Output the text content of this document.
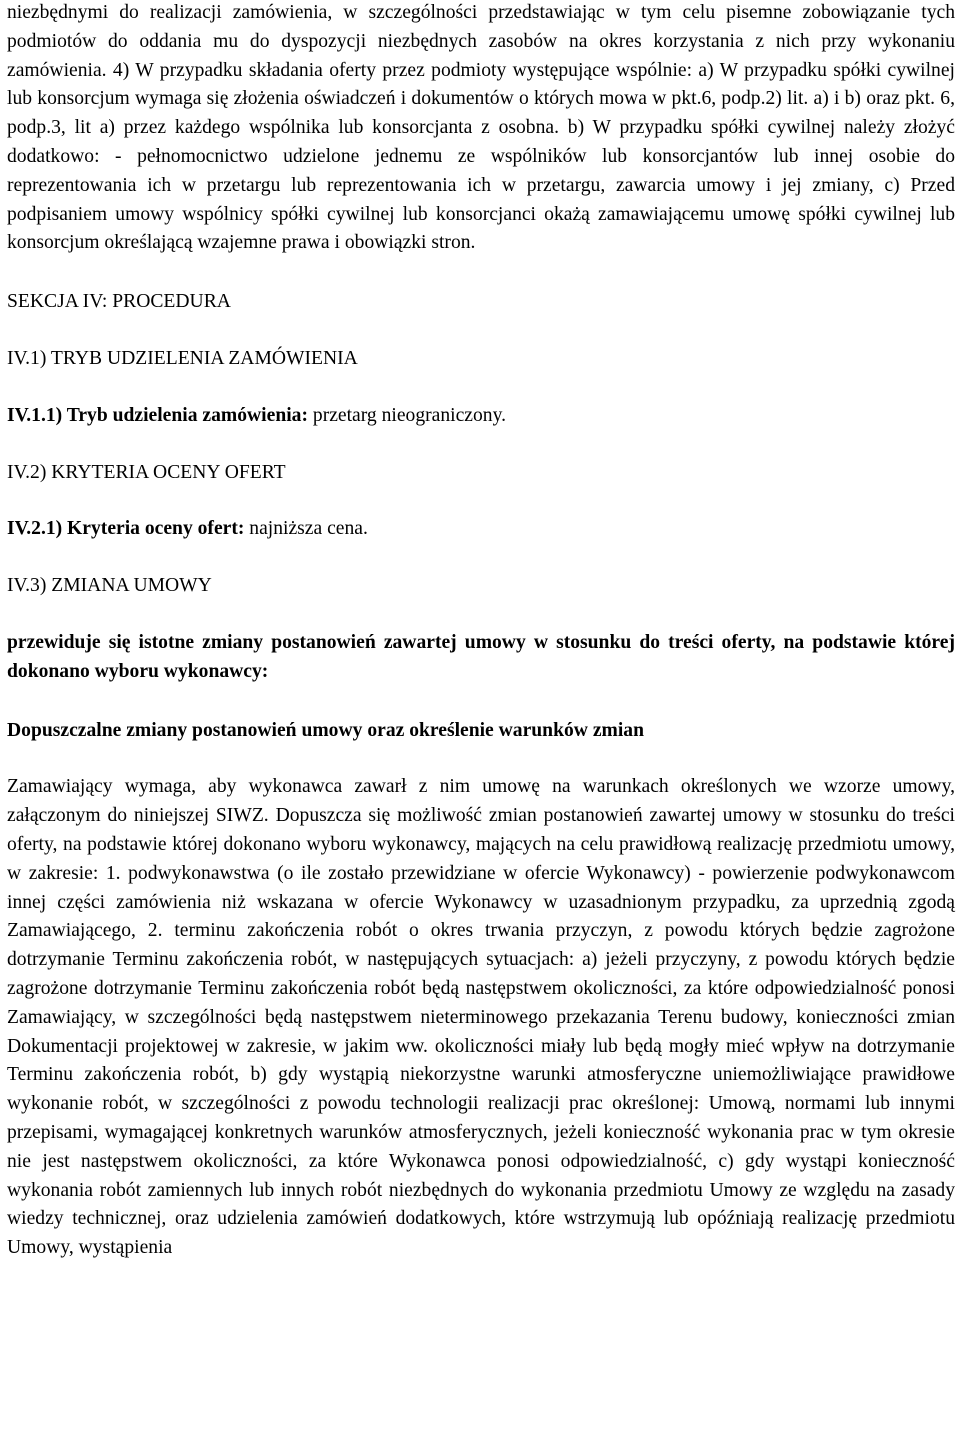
niezbędnymi do realizacji zamówienia, w szczególności przedstawiając w tym celu pisemne zobowiązanie tych podmiotów do oddania mu do dyspozycji niezbędnych zasobów na okres korzystania z nich przy wykonaniu zamówienia. 4) W przypadku składania oferty przez podmioty występujące wspólnie: a) W przypadku spółki cywilnej lub konsorcjum wymaga się złożenia oświadczeń i dokumentów o których mowa w pkt.6, podp.2) lit. a) i b) oraz pkt. 6, podp.3, lit a) przez każdego wspólnika lub konsorcjanta z osobna. b) W przypadku spółki cywilnej należy złożyć dodatkowo: - pełnomocnictwo udzielone jednemu ze wspólników lub konsorcjantów lub innej osobie do reprezentowania ich w przetargu lub reprezentowania ich w przetargu, zawarcia umowy i jej zmiany, c) Przed podpisaniem umowy wspólnicy spółki cywilnej lub konsorcjanci okażą zamawiającemu umowę spółki cywilnej lub konsorcjum określającą wzajemne prawa i obowiązki stron.

SEKCJA IV: PROCEDURA

IV.1) TRYB UDZIELENIA ZAMÓWIENIA

IV.1.1) Tryb udzielenia zamówienia: przetarg nieograniczony.

IV.2) KRYTERIA OCENY OFERT

IV.2.1) Kryteria oceny ofert: najniższa cena.

IV.3) ZMIANA UMOWY

przewiduje się istotne zmiany postanowień zawartej umowy w stosunku do treści oferty, na podstawie której dokonano wyboru wykonawcy:

Dopuszczalne zmiany postanowień umowy oraz określenie warunków zmian

Zamawiający wymaga, aby wykonawca zawarł z nim umowę na warunkach określonych we wzorze umowy, załączonym do niniejszej SIWZ. Dopuszcza się możliwość zmian postanowień zawartej umowy w stosunku do treści oferty, na podstawie której dokonano wyboru wykonawcy, mających na celu prawidłową realizację przedmiotu umowy, w zakresie: 1. podwykonawstwa (o ile zostało przewidziane w ofercie Wykonawcy) - powierzenie podwykonawcom innej części zamówienia niż wskazana w ofercie Wykonawcy w uzasadnionym przypadku, za uprzednią zgodą Zamawiającego, 2. terminu zakończenia robót o okres trwania przyczyn, z powodu których będzie zagrożone dotrzymanie Terminu zakończenia robót, w następujących sytuacjach: a) jeżeli przyczyny, z powodu których będzie zagrożone dotrzymanie Terminu zakończenia robót będą następstwem okoliczności, za które odpowiedzialność ponosi Zamawiający, w szczególności będą następstwem nieterminowego przekazania Terenu budowy, konieczności zmian Dokumentacji projektowej w zakresie, w jakim ww. okoliczności miały lub będą mogły mieć wpływ na dotrzymanie Terminu zakończenia robót, b) gdy wystąpią niekorzystne warunki atmosferyczne uniemożliwiające prawidłowe wykonanie robót, w szczególności z powodu technologii realizacji prac określonej: Umową, normami lub innymi przepisami, wymagającej konkretnych warunków atmosferycznych, jeżeli konieczność wykonania prac w tym okresie nie jest następstwem okoliczności, za które Wykonawca ponosi odpowiedzialność, c) gdy wystąpi konieczność wykonania robót zamiennych lub innych robót niezbędnych do wykonania przedmiotu Umowy ze względu na zasady wiedzy technicznej, oraz udzielenia zamówień dodatkowych, które wstrzymują lub opóźniają realizację przedmiotu Umowy, wystąpienia
